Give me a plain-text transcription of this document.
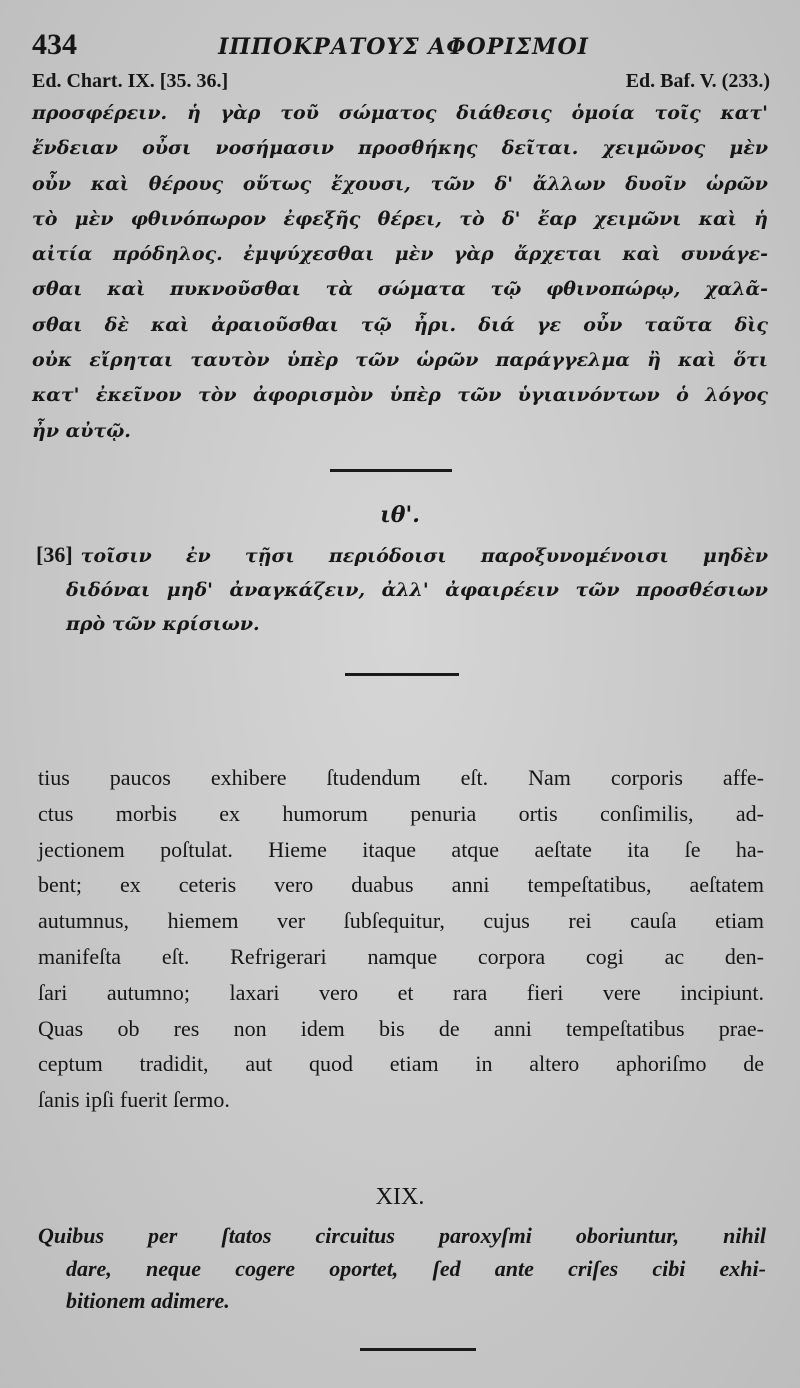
434	ΙΠΠΟΚΡΑΤΟΥΣ ΑΦΟΡΙΣΜΟΙ
Ed. Chart. IX. [35. 36.]	Ed. Baf. V. (233.)
προσφέρειν. ἡ γὰρ τοῦ σώματος διάθεσις ὁμοία τοῖς κατ'
ἔνδειαν οὖσι νοσήμασιν προσθήκης δεῖται. χειμῶνος μὲν
οὖν καὶ θέρους οὕτως ἔχουσι, τῶν δ' ἄλλων δυοῖν ὡρῶν
τὸ μὲν φθινόπωρον ἐφεξῆς θέρει, τὸ δ' ἔαρ χειμῶνι καὶ ἡ
αἰτία πρόδηλος. ἐμψύχεσθαι μὲν γὰρ ἄρχεται καὶ συνάγε-
σθαι καὶ πυκνοῦσθαι τὰ σώματα τῷ φθινοπώρῳ, χαλᾶ-
σθαι δὲ καὶ ἀραιοῦσθαι τῷ ἦρι. διά γε οὖν ταῦτα δὶς
οὐκ εἴρηται ταυτὸν ὑπὲρ τῶν ὡρῶν παράγγελμα ἢ καὶ ὅτι
κατ' ἐκεῖνον τὸν ἀφορισμὸν ὑπὲρ τῶν ὑγιαινόντων ὁ λόγος
ἦν αὐτῷ.
ιθ'.
[36] τοῖσιν ἐν τῇσι περιόδοισι παροξυνομένοισι μηδὲν
διδόναι μηδ' ἀναγκάζειν, ἀλλ' ἀφαιρέειν τῶν προσθέσιων
πρὸ τῶν κρίσιων.
tius paucos exhibere ſtudendum eſt. Nam corporis affe-
ctus morbis ex humorum penuria ortis conſimilis, ad-
jectionem poſtulat. Hieme itaque atque aeſtate ita ſe ha-
bent; ex ceteris vero duabus anni tempeſtatibus, aeſtatem
autumnus, hiemem ver ſubſequitur, cujus rei cauſa etiam
manifeſta eſt. Refrigerari namque corpora cogi ac den-
ſari autumno; laxari vero et rara fieri vere incipiunt.
Quas ob res non idem bis de anni tempeſtatibus prae-
ceptum tradidit, aut quod etiam in altero aphoriſmo de
ſanis ipſi fuerit ſermo.
XIX.
Quibus per ſtatos circuitus paroxyſmi oboriuntur, nihil
dare, neque cogere oportet, ſed ante criſes cibi exhi-
bitionem adimere.
